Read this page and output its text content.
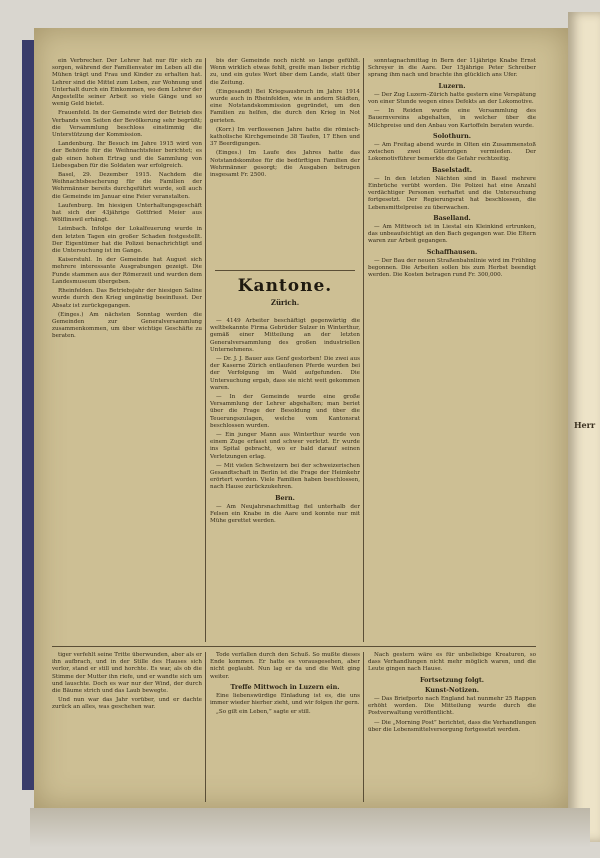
Herr

ein Verbrecher. Der Lehrer hat nur für sich zu sorgen, während der Familienvater im Leben all die Mühen trägt und Frau und Kinder zu erhalten hat. Lehrer sind die Mittel zum Leben, zur Wohnung und Unterhalt durch ein Einkommen, wo dem Lehrer der Angestellte seiner Arbeit so viele Gänge und so wenig Geld bietet.

Frauenfeld. In der Gemeinde wird der Betrieb des Verbands von Seiten der Bevölkerung sehr begrüßt; die Versammlung beschloss einstimmig die Unterstützung der Kommission.

Landenburg. Ihr Besuch im Jahre 1915 wird von der Behörde für die Weihnachtsfeier berichtet; es gab einen hohen Ertrag und die Sammlung von Liebesgaben für die Soldaten war erfolgreich.

Basel, 29. Dezember 1915. Nachdem die Weihnachtsbescherung für die Familien der Wehrmänner bereits durchgeführt wurde, soll auch die Gemeinde im Januar eine Feier veranstalten.

Laufenburg. Im hiesigen Unterhaltungsgeschäft hat sich der 43jährige Gottfried Meier aus Wölflinswil erhängt.

Leimbach. Infolge der Lokalfeuerung wurde in den letzten Tagen ein großer Schaden festgestellt. Der Eigentümer hat die Polizei benachrichtigt und die Untersuchung ist im Gange.

Kaiserstuhl. In der Gemeinde hat August sich mehrere interessante Ausgrabungen gezeigt. Die Funde stammen aus der Römerzeit und wurden dem Landesmuseum übergeben.

Rheinfelden. Das Betriebsjahr der hiesigen Saline wurde durch den Krieg ungünstig beeinflusst. Der Absatz ist zurückgegangen.

(Einges.) Am nächsten Sonntag werden die Gemeinden zur Generalversammlung zusammenkommen, um über wichtige Geschäfte zu beraten.

bis der Gemeinde noch nicht so lange gefühlt. Wenn wirklich etwas fehlt, greife man lieber richtig zu, und ein gutes Wort über dem Lande, statt über die Zeitung.

(Eingesandt) Bei Kriegsausbruch im Jahre 1914 wurde auch in Rheinfelden, wie in andern Städten, eine Notstandskommission gegründet, um den Familien zu helfen, die durch den Krieg in Not gerieten.

(Korr.) Im verflossenen Jahre hatte die römisch-katholische Kirchgemeinde 38 Taufen, 17 Ehen und 37 Beerdigungen.

(Einges.) Im Laufe des Jahres hatte das Notstandskomitee für die bedürftigen Familien der Wehrmänner gesorgt; die Ausgaben betrugen insgesamt Fr. 2500.

Kantone.
Zürich.

— 4149 Arbeiter beschäftigt gegenwärtig die weltbekannte Firma Gebrüder Sulzer in Winterthur, gemäß einer Mitteilung an der letzten Generalversammlung des großen industriellen Unternehmens.

— Dr. J. J. Bauer aus Genf gestorben! Die zwei aus der Kaserne Zürich entlaufenen Pferde wurden bei der Verfolgung im Wald aufgefunden. Die Untersuchung ergab, dass sie nicht weit gekommen waren.

— In der Gemeinde wurde eine große Versammlung der Lehrer abgehalten; man beriet über die Frage der Besoldung und über die Teuerungszulagen, welche vom Kantonsrat beschlossen wurden.

— Ein junger Mann aus Winterthur wurde von einem Zuge erfasst und schwer verletzt. Er wurde ins Spital gebracht, wo er bald darauf seinen Verletzungen erlag.

— Mit vielen Schweizern bei der schweizerischen Gesandtschaft in Berlin ist die Frage der Heimkehr erörtert worden. Viele Familien haben beschlossen, nach Hause zurückzukehren.

Bern.

— Am Neujahrsnachmittag fiel unterhalb der Felsen ein Knabe in die Aare und konnte nur mit Mühe gerettet werden.

sonntagnachmittag in Bern der 11jährige Knabe Ernst Schreyer in die Aare. Der 15jährige Peter Schreiber sprang ihm nach und brachte ihn glücklich ans Ufer.

Luzern.

— Der Zug Luzern–Zürich hatte gestern eine Verspätung von einer Stunde wegen eines Defekts an der Lokomotive.

— In Reiden wurde eine Versammlung des Bauernvereins abgehalten, in welcher über die Milchpreise und den Anbau von Kartoffeln beraten wurde.

Solothurn.

— Am Freitag abend wurde in Olten ein Zusammenstoß zwischen zwei Güterzügen vermieden. Der Lokomotivführer bemerkte die Gefahr rechtzeitig.

Baselstadt.

— In den letzten Nächten sind in Basel mehrere Einbrüche verübt worden. Die Polizei hat eine Anzahl verdächtiger Personen verhaftet und die Untersuchung fortgesetzt. Der Regierungsrat hat beschlossen, die Lebensmittelpreise zu überwachen.

Baselland.

— Am Mittwoch ist in Liestal ein Kleinkind ertrunken, das unbeaufsichtigt an den Bach gegangen war. Die Eltern waren zur Arbeit gegangen.

Schaffhausen.

— Der Bau der neuen Straßenbahnlinie wird im Frühling begonnen. Die Arbeiten sollen bis zum Herbst beendigt werden. Die Kosten betragen rund Fr. 300,000.

tiger verfehlt seine Tritte überwunden, aber als er ihn aufbrach, und in der Stille des Hauses sich verlor, stand er still und horchte. Es war, als ob die Stimme der Mutter ihn riefe, und er wandte sich um und lauschte. Doch es war nur der Wind, der durch die Bäume strich und das Laub bewegte.

Und nun war das Jahr vorüber, und er dachte zurück an alles, was geschehen war.

Tode verfallen durch den Schuß. So mußte dieses Ende kommen. Er hatte es vorausgesehen, aber nicht geglaubt. Nun lag er da und die Welt ging weiter.

Treffe Mittwoch in Luzern ein.

Eine liebenswürdige Einladung ist es, die uns immer wieder hierher zieht, und wir folgen ihr gern.

„So gilt ein Leben,” sagte er still.

Nach gestern wäre es für unbeliebige Kreaturen, so dass Verhandlungen nicht mehr möglich waren, und die Leute gingen nach Hause.

Fortsetzung folgt.

Kunst-Notizen.

— Das Briefporto nach England hat nunmehr 25 Rappen erhöht worden. Die Mitteilung wurde durch die Postverwaltung veröffentlicht.

— Die „Morning Post” berichtet, dass die Verhandlungen über die Lebensmittelversorgung fortgesetzt werden.
